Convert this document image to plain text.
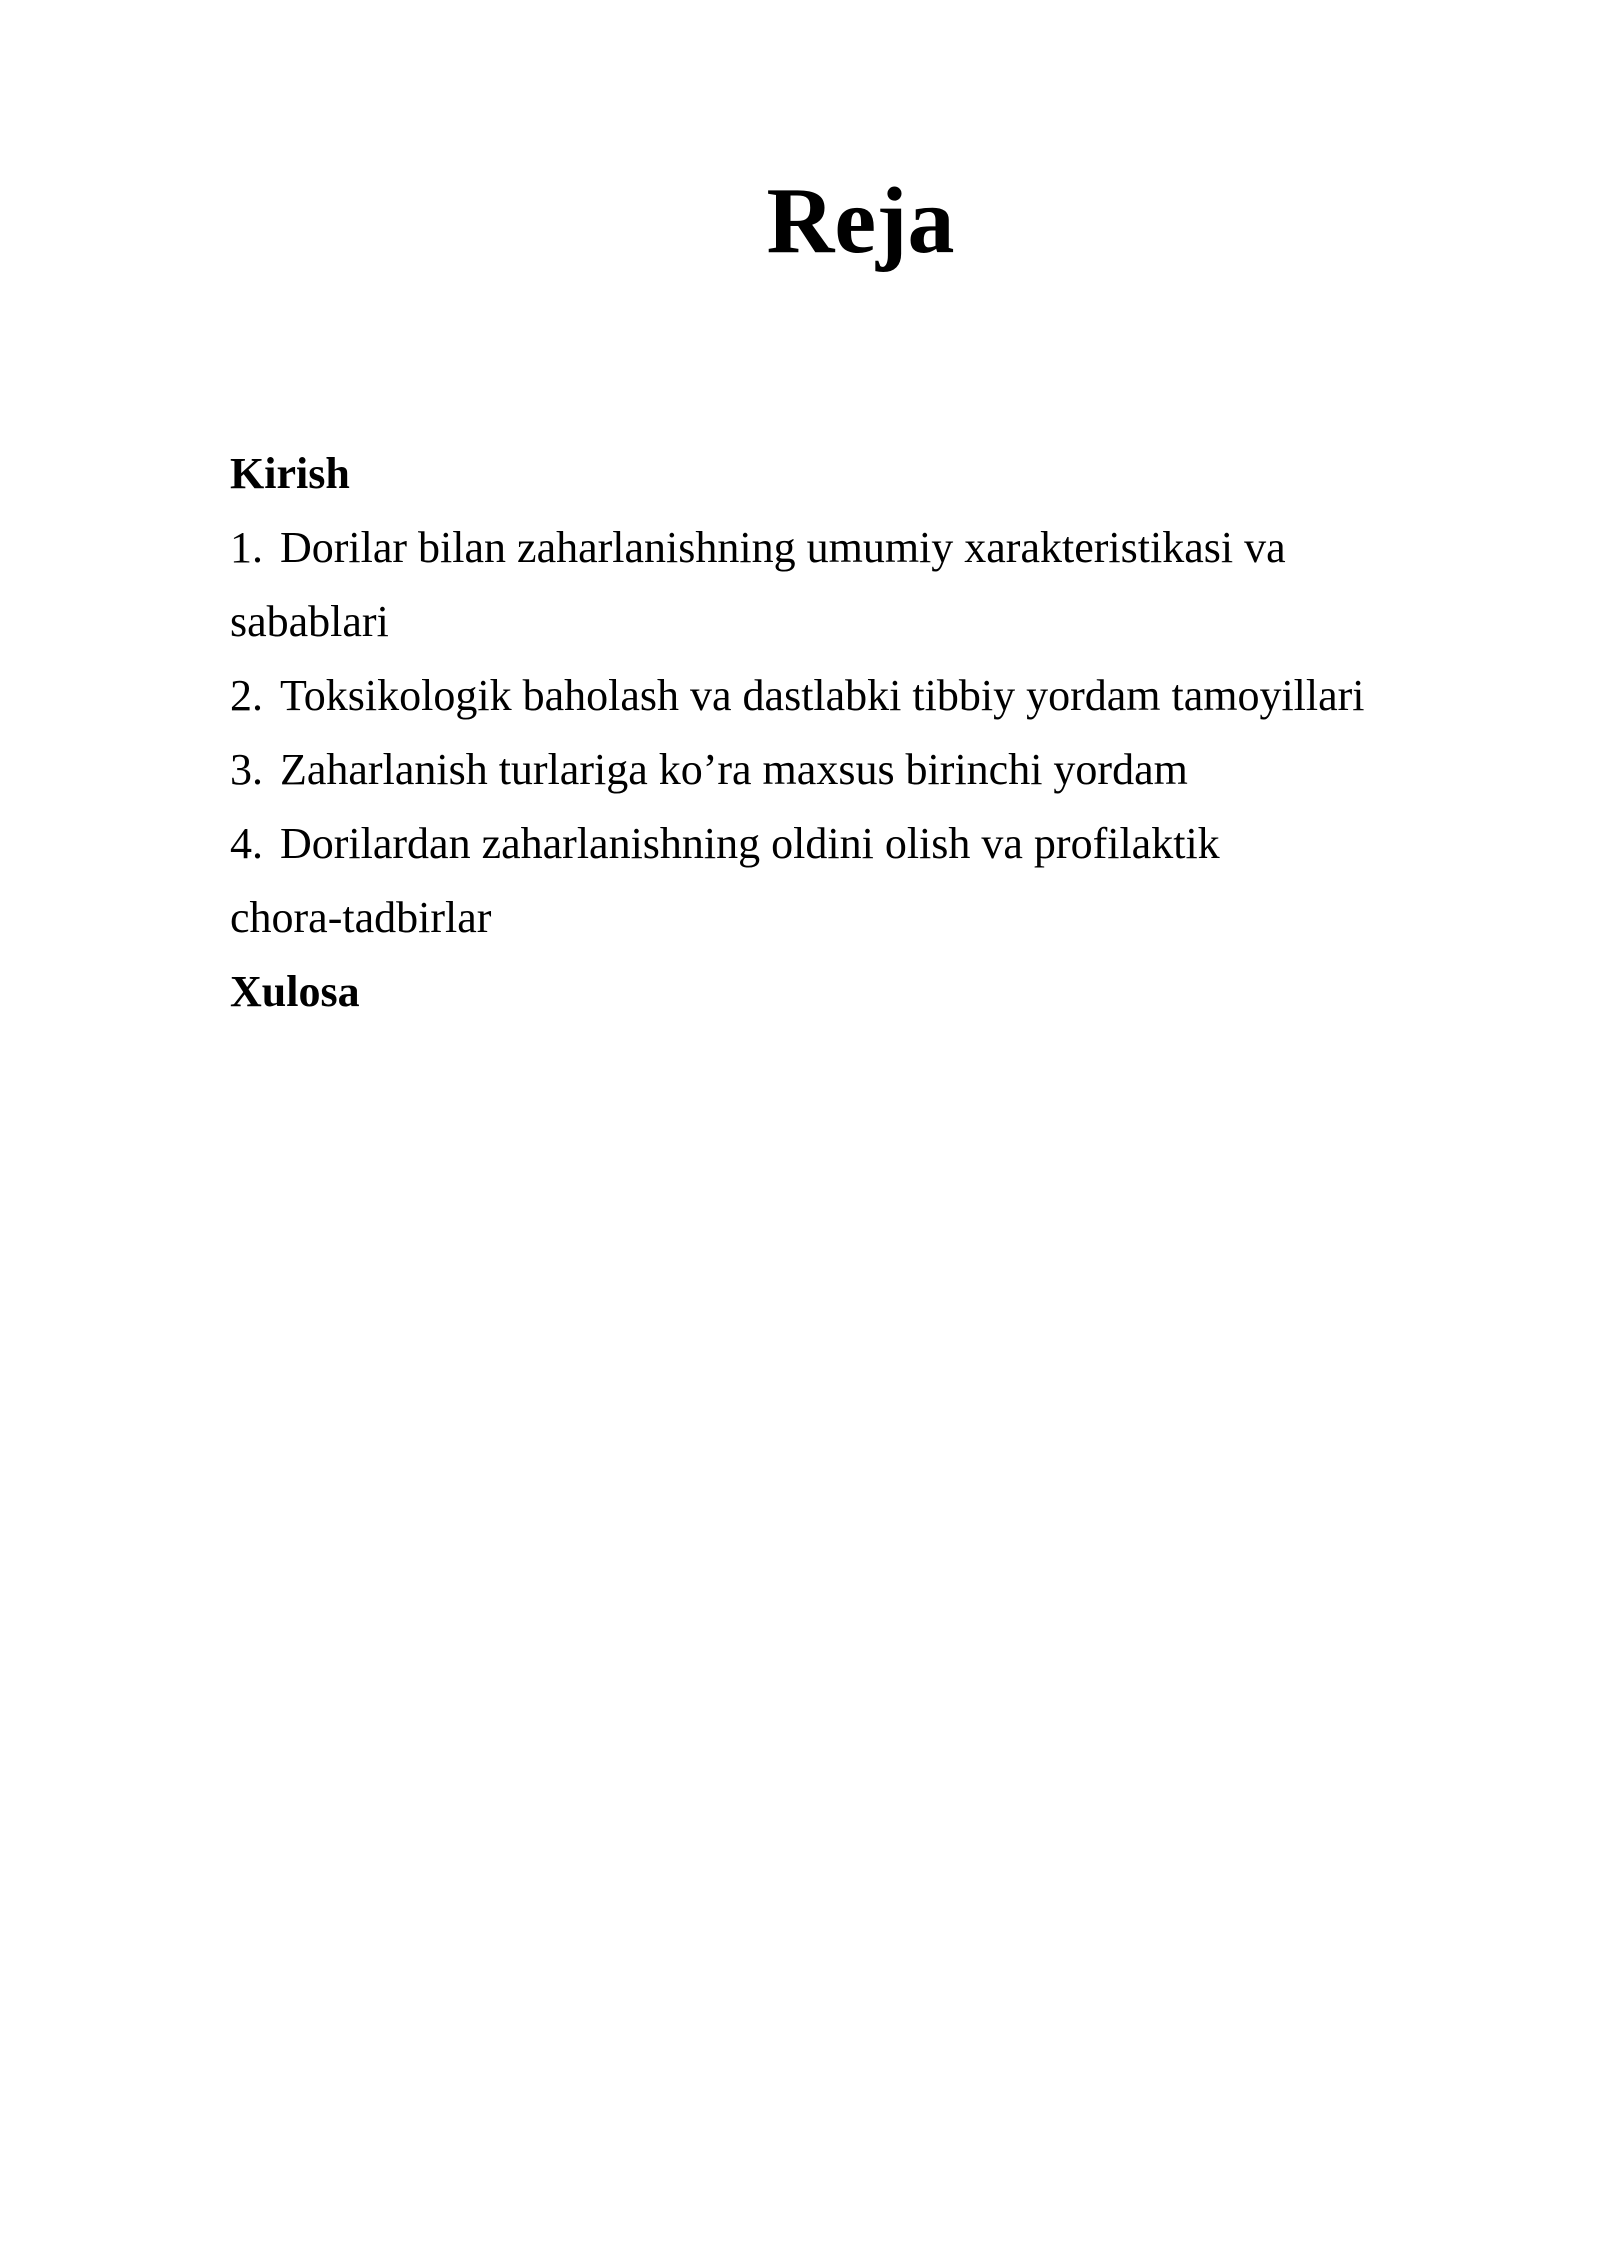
Reja
Kirish
1. Dorilar bilan zaharlanishning umumiy xarakteristikasi va
sabablari
2. Toksikologik baholash va dastlabki tibbiy yordam tamoyillari
3. Zaharlanish turlariga ko’ra maxsus birinchi yordam
4. Dorilardan zaharlanishning oldini olish va profilaktik
chora-tadbirlar
Xulosa
